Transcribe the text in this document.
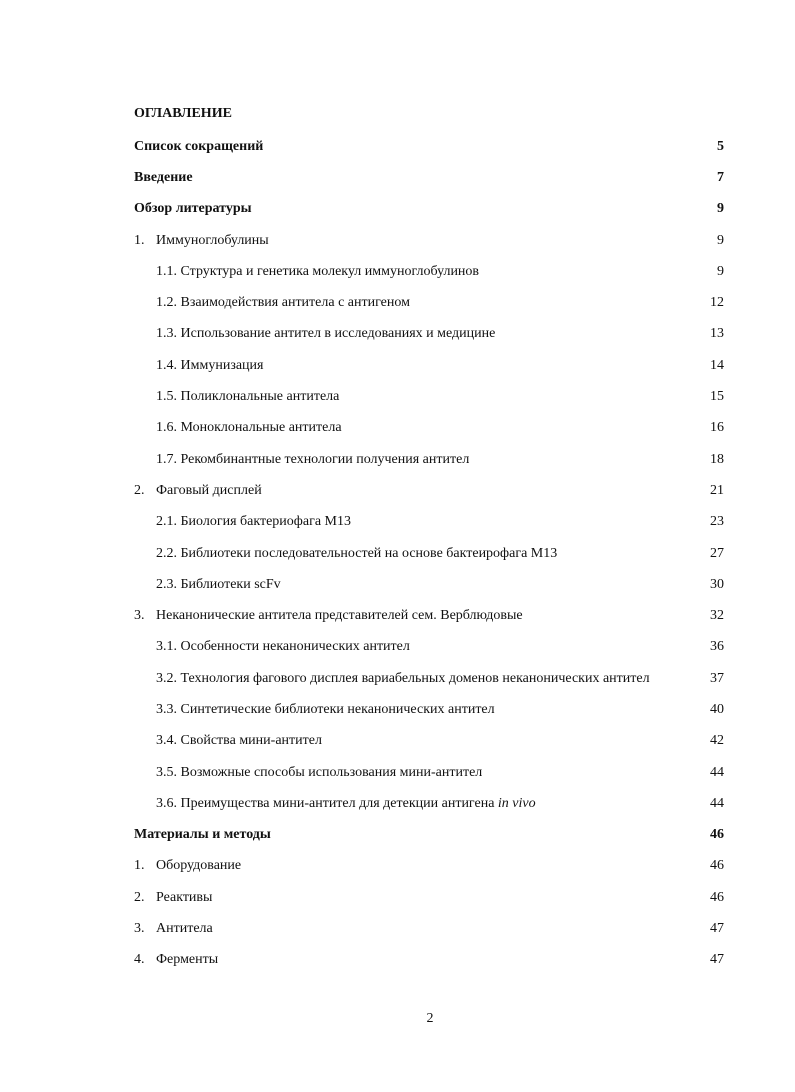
ОГЛАВЛЕНИЕ
Список сокращений	5
Введение	7
Обзор литературы	9
1. Иммуноглобулины	9
1.1. Структура и генетика молекул иммуноглобулинов	9
1.2. Взаимодействия антитела с антигеном	12
1.3. Использование антител в исследованиях и медицине	13
1.4. Иммунизация	14
1.5. Поликлональные антитела	15
1.6. Моноклональные антитела	16
1.7. Рекомбинантные технологии получения антител	18
2. Фаговый дисплей	21
2.1. Биология бактериофага M13	23
2.2. Библиотеки последовательностей на основе бактеирофага M13	27
2.3. Библиотеки scFv	30
3. Неканонические антитела представителей сем. Верблюдовые	32
3.1. Особенности неканонических антител	36
3.2. Технология фагового дисплея вариабельных доменов неканонических антител	37
3.3. Синтетические библиотеки неканонических антител	40
3.4. Свойства мини-антител	42
3.5. Возможные способы использования мини-антител	44
3.6. Преимущества мини-антител для детекции антигена in vivo	44
Материалы и методы	46
1. Оборудование	46
2. Реактивы	46
3. Антитела	47
4. Ферменты	47
2
